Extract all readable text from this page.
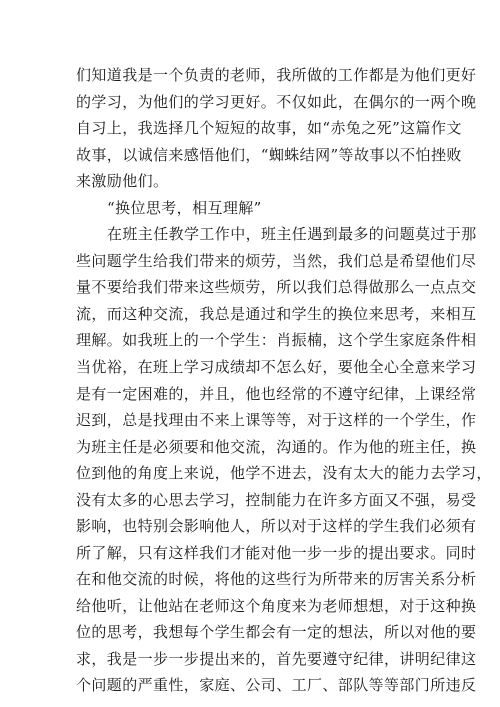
们知道我是一个负责的老师，我所做的工作都是为他们更好
的学习，为他们的学习更好。不仅如此，在偶尔的一两个晚
自习上，我选择几个短短的故事，如“赤兔之死”这篇作文
故事，以诚信来感悟他们，“蜘蛛结网”等故事以不怕挫败
来激励他们。
“换位思考，相互理解”
在班主任教学工作中，班主任遇到最多的问题莫过于那
些问题学生给我们带来的烦劳，当然，我们总是希望他们尽
量不要给我们带来这些烦劳，所以我们总得做那么一点点交
流，而这种交流，我总是通过和学生的换位来思考，来相互
理解。如我班上的一个学生：肖振楠，这个学生家庭条件相
当优裕，在班上学习成绩却不怎么好，要他全心全意来学习
是有一定困难的，并且，他也经常的不遵守纪律，上课经常
迟到，总是找理由不来上课等等，对于这样的一个学生，作
为班主任是必须要和他交流，沟通的。作为他的班主任，换
位到他的角度上来说，他学不进去，没有太大的能力去学习，
没有太多的心思去学习，控制能力在许多方面又不强，易受
影响，也特别会影响他人，所以对于这样的学生我们必须有
所了解，只有这样我们才能对他一步一步的提出要求。同时
在和他交流的时候，将他的这些行为所带来的厉害关系分析
给他听，让他站在老师这个角度来为老师想想，对于这种换
位的思考，我想每个学生都会有一定的想法，所以对他的要
求，我是一步一步提出来的，首先要遵守纪律，讲明纪律这
个问题的严重性，家庭、公司、工厂、部队等等部门所违反
